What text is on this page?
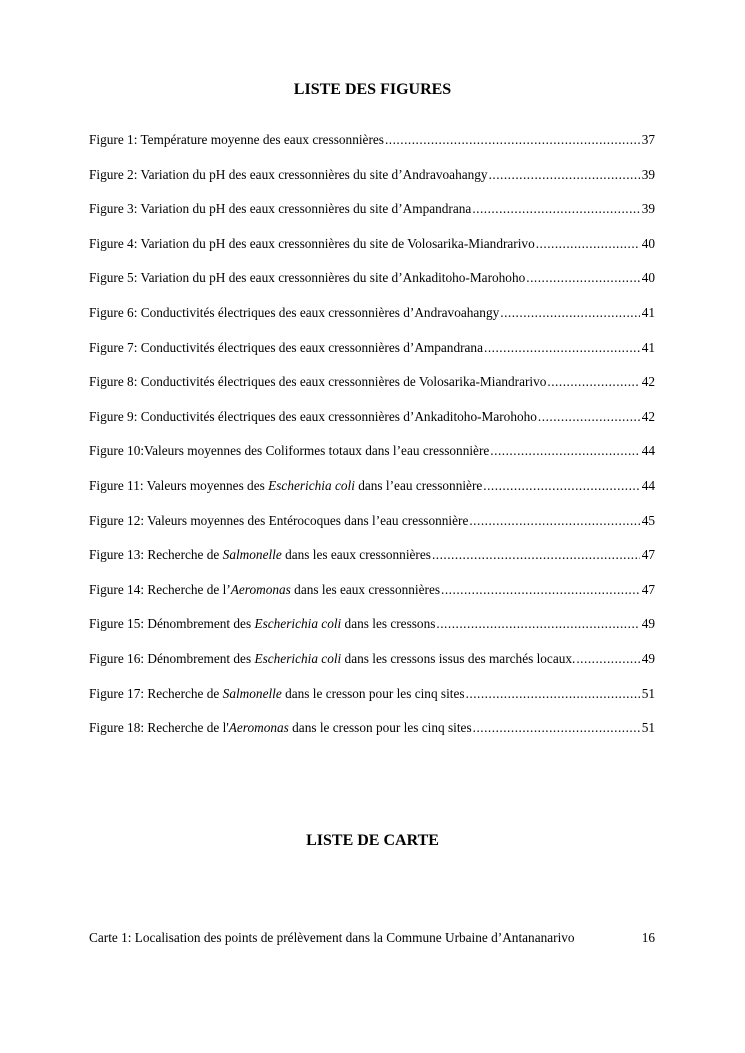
LISTE DES FIGURES
Figure 1: Température moyenne des eaux cressonnières .....	37
Figure 2: Variation du pH des eaux cressonnières du site d’Andravoahangy .....	39
Figure 3: Variation du pH des eaux cressonnières du site d’Ampandrana .....	39
Figure 4: Variation du pH des eaux cressonnières du site de Volosarika-Miandrarivo .....	40
Figure 5: Variation du pH des eaux cressonnières du site d’Ankaditoho-Marohoho .....	40
Figure 6: Conductivités électriques des eaux cressonnières d’Andravoahangy .....	41
Figure 7: Conductivités électriques des eaux cressonnières d’Ampandrana .....	41
Figure 8: Conductivités électriques des eaux cressonnières de Volosarika-Miandrarivo .....	42
Figure 9: Conductivités électriques des eaux cressonnières d’Ankaditoho-Marohoho .....	42
Figure 10:Valeurs moyennes des Coliformes totaux dans l’eau cressonnière .....	44
Figure 11: Valeurs moyennes des Escherichia coli dans l’eau cressonnière .....	44
Figure 12: Valeurs moyennes des Entérocoques dans l’eau cressonnière .....	45
Figure 13: Recherche de Salmonelle dans les eaux cressonnières .....	47
Figure 14: Recherche de l’Aeromonas dans les eaux cressonnières .....	47
Figure 15: Dénombrement des Escherichia coli dans les cressons .....	49
Figure 16: Dénombrement des Escherichia coli dans les cressons issus des marchés locaux. .....	49
Figure 17: Recherche de Salmonelle dans le cresson pour les cinq sites .....	51
Figure 18: Recherche de l'Aeromonas dans le cresson pour les cinq sites .....	51
LISTE DE CARTE
Carte 1: Localisation des points de prélèvement dans la Commune Urbaine d’Antananarivo	16
